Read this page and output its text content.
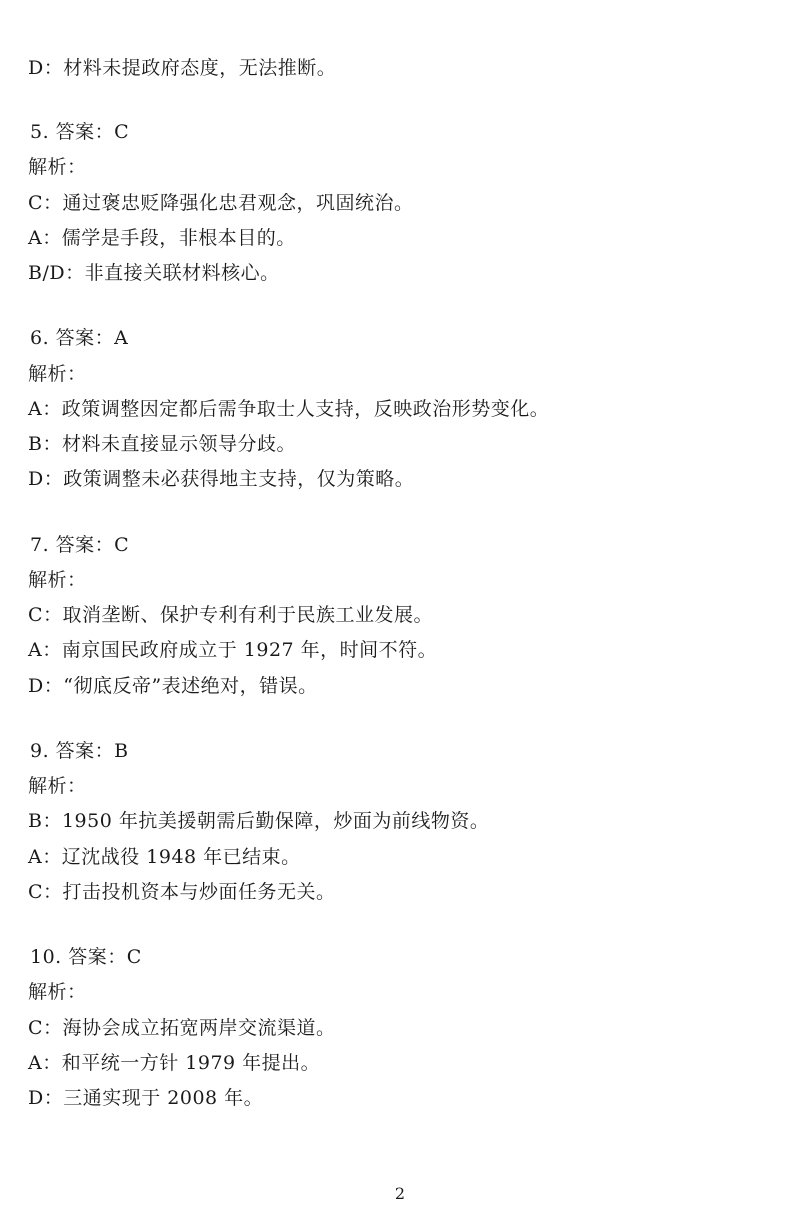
D：材料未提政府态度，无法推断。
5. 答案：C
解析：
C：通过褒忠贬降强化忠君观念，巩固统治。
A：儒学是手段，非根本目的。
B/D：非直接关联材料核心。
6. 答案：A
解析：
A：政策调整因定都后需争取士人支持，反映政治形势变化。
B：材料未直接显示领导分歧。
D：政策调整未必获得地主支持，仅为策略。
7. 答案：C
解析：
C：取消垄断、保护专利有利于民族工业发展。
A：南京国民政府成立于 1927 年，时间不符。
D：“彻底反帝”表述绝对，错误。
9. 答案：B
解析：
B：1950 年抗美援朝需后勤保障，炒面为前线物资。
A：辽沈战役 1948 年已结束。
C：打击投机资本与炒面任务无关。
10. 答案：C
解析：
C：海协会成立拓宽两岸交流渠道。
A：和平统一方针 1979 年提出。
D：三通实现于 2008 年。
2
